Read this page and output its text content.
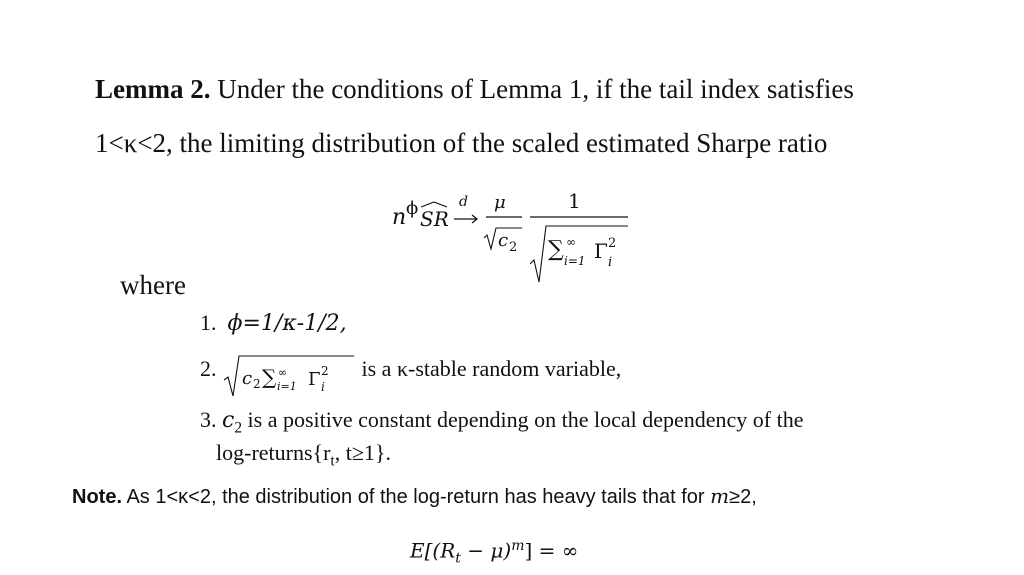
Lemma 2. Under the conditions of Lemma 1, if the tail index satisfies
1<κ<2, the limiting distribution of the scaled estimated Sharpe ratio
n ϕ SR
d μ
c 2
1
∑ ∞
i=1 Γ 2
i
where
1. ϕ=1/κ-1/2,
2. c 2 ∑ ∞
i=1 Γ 2
i
is a κ-stable random variable,
3. $c_2$ is a positive constant depending on the local dependency of the
$\log-returns\{r_t$, t≥1}.
Note. As 1<κ<2, the distribution of the log-return has heavy tails that for m≥2,
$E[(R_t - \mu)^m]$ = ∞
